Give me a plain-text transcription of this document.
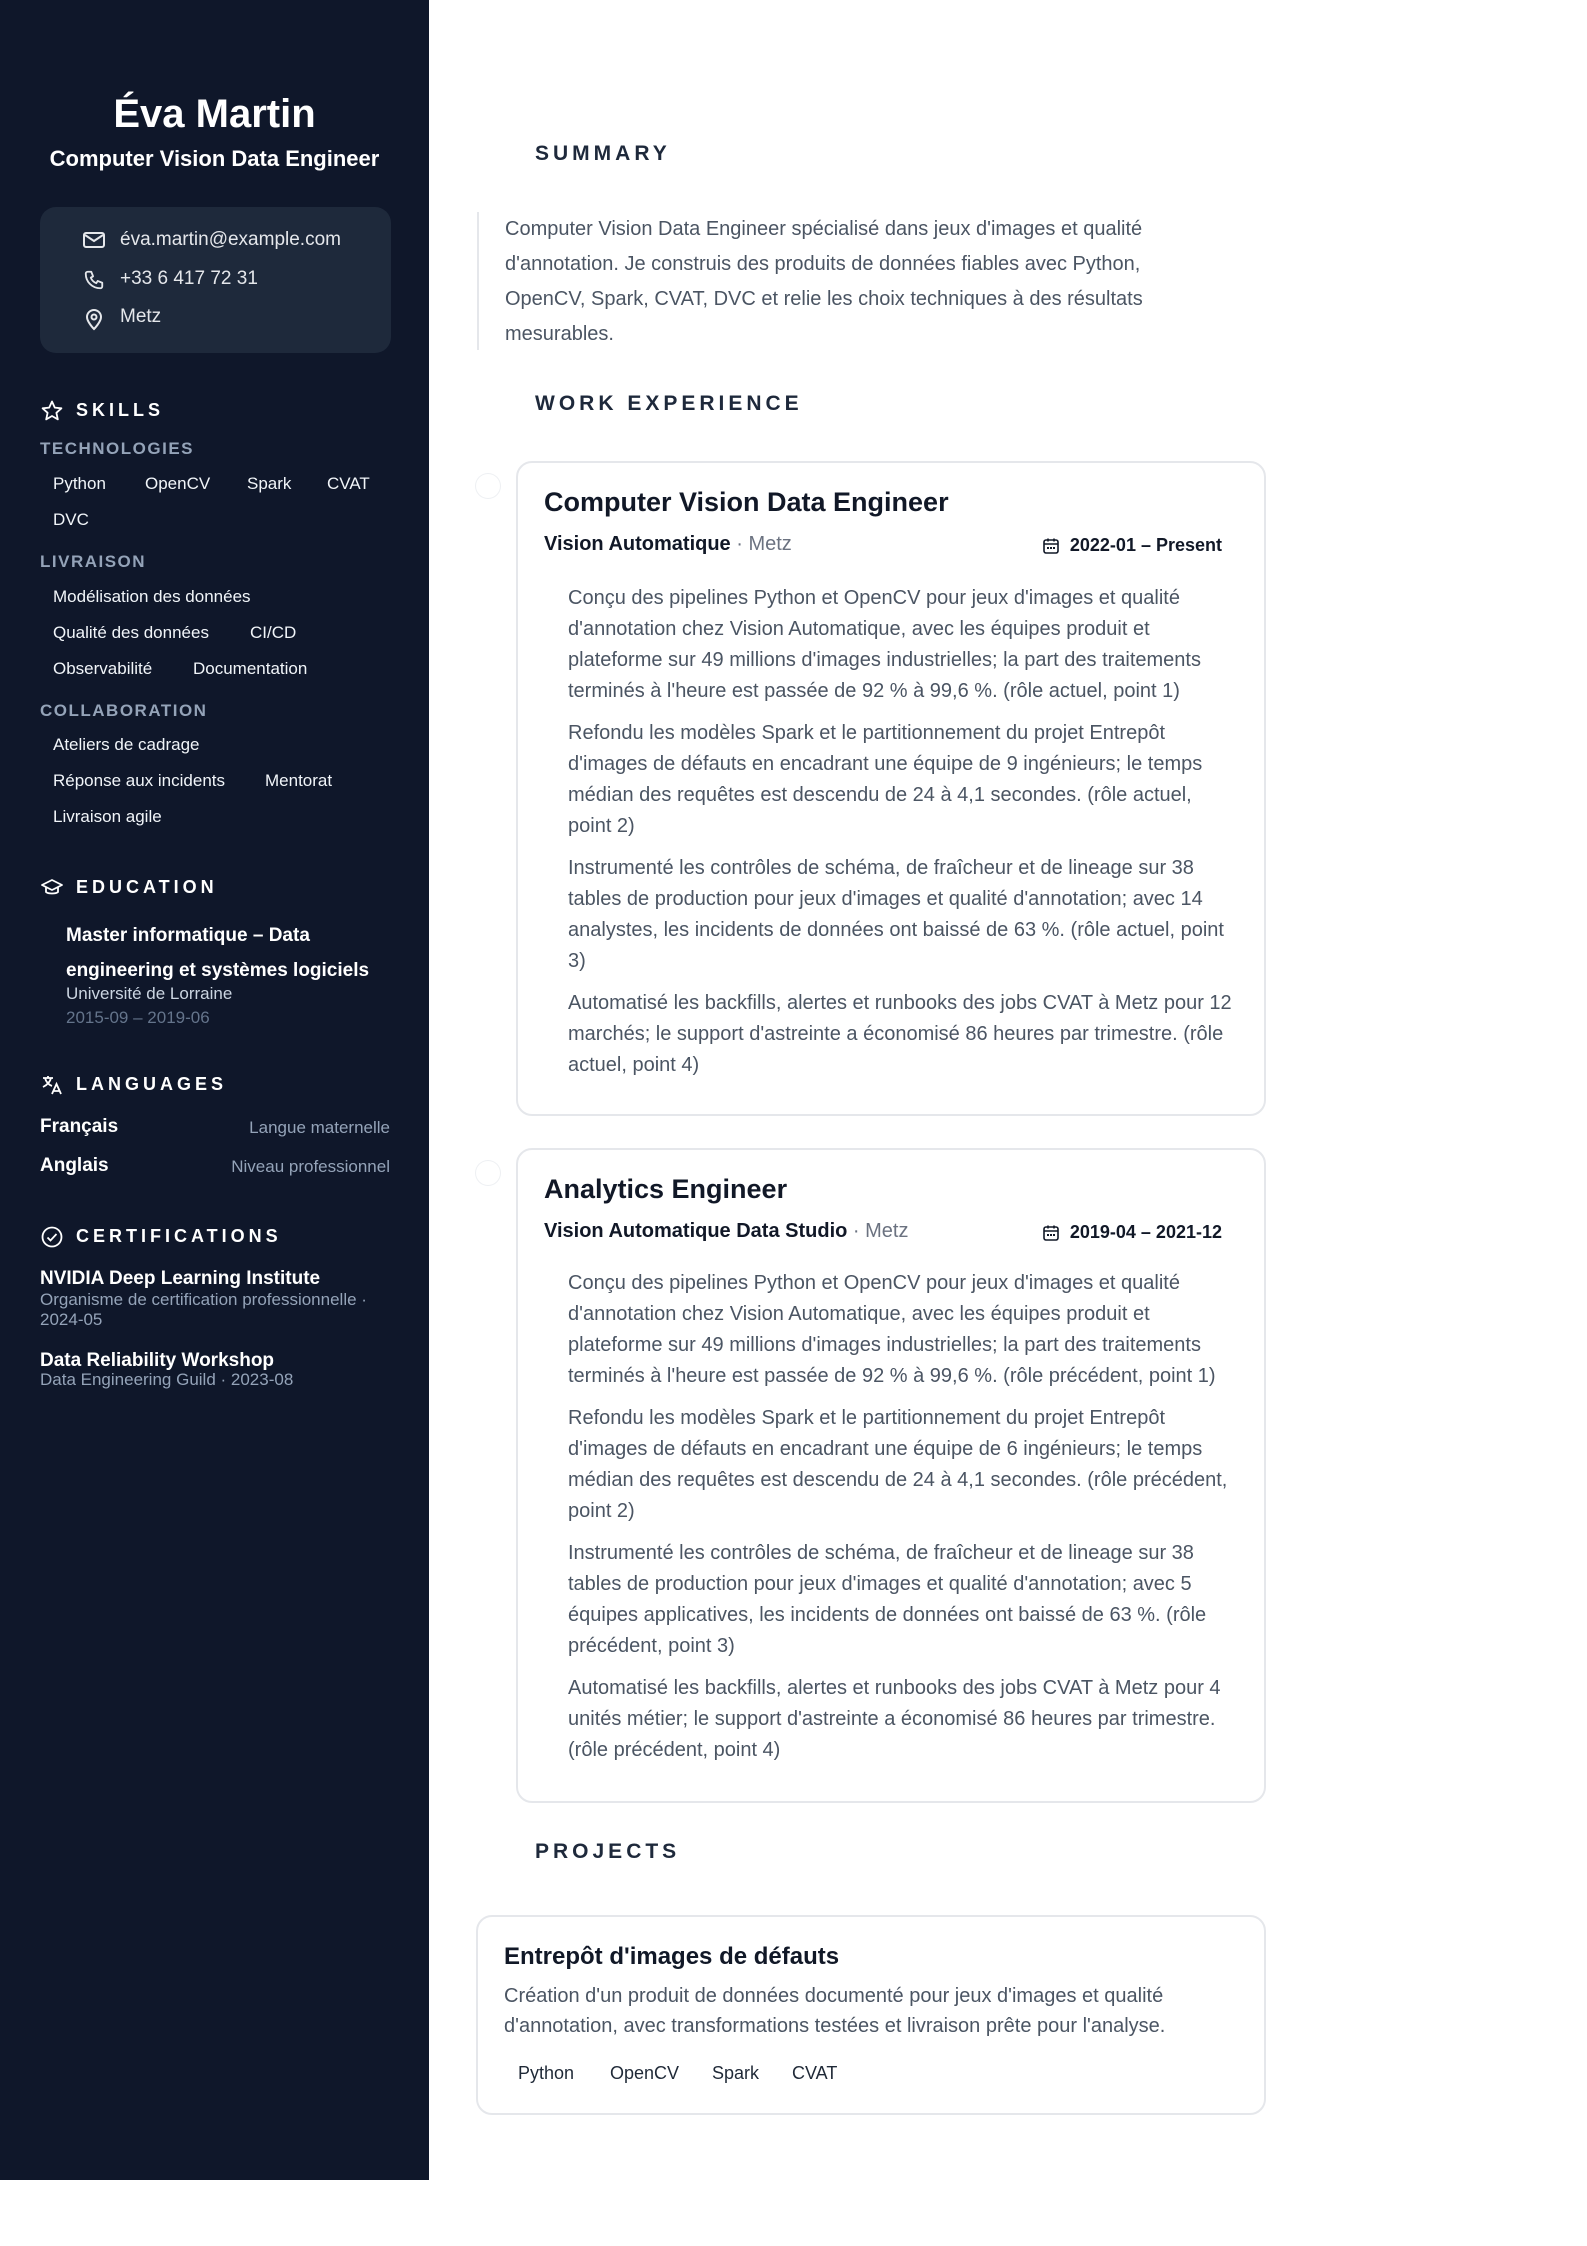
Éva Martin
Computer Vision Data Engineer
éva.martin@example.com
+33 6 417 72 31
Metz
SKILLS
TECHNOLOGIES
Python OpenCV Spark CVAT
DVC
LIVRAISON
Modélisation des données
Qualité des données CI/CD
Observabilité Documentation
COLLABORATION
Ateliers de cadrage
Réponse aux incidents Mentorat
Livraison agile
EDUCATION
Master informatique – Data engineering et systèmes logiciels
Université de Lorraine
2015-09 – 2019-06
LANGUAGES
Français	Langue maternelle
Anglais	Niveau professionnel
CERTIFICATIONS
NVIDIA Deep Learning Institute
Organisme de certification professionnelle · 2024-05
Data Reliability Workshop
Data Engineering Guild · 2023-08
SUMMARY
Computer Vision Data Engineer spécialisé dans jeux d'images et qualité d'annotation. Je construis des produits de données fiables avec Python, OpenCV, Spark, CVAT, DVC et relie les choix techniques à des résultats mesurables.
WORK EXPERIENCE
Computer Vision Data Engineer
Vision Automatique · Metz	2022-01 – Present
Conçu des pipelines Python et OpenCV pour jeux d'images et qualité d'annotation chez Vision Automatique, avec les équipes produit et plateforme sur 49 millions d'images industrielles; la part des traitements terminés à l'heure est passée de 92 % à 99,6 %. (rôle actuel, point 1)
Refondu les modèles Spark et le partitionnement du projet Entrepôt d'images de défauts en encadrant une équipe de 9 ingénieurs; le temps médian des requêtes est descendu de 24 à 4,1 secondes. (rôle actuel, point 2)
Instrumenté les contrôles de schéma, de fraîcheur et de lineage sur 38 tables de production pour jeux d'images et qualité d'annotation; avec 14 analystes, les incidents de données ont baissé de 63 %. (rôle actuel, point 3)
Automatisé les backfills, alertes et runbooks des jobs CVAT à Metz pour 12 marchés; le support d'astreinte a économisé 86 heures par trimestre. (rôle actuel, point 4)
Analytics Engineer
Vision Automatique Data Studio · Metz	2019-04 – 2021-12
Conçu des pipelines Python et OpenCV pour jeux d'images et qualité d'annotation chez Vision Automatique, avec les équipes produit et plateforme sur 49 millions d'images industrielles; la part des traitements terminés à l'heure est passée de 92 % à 99,6 %. (rôle précédent, point 1)
Refondu les modèles Spark et le partitionnement du projet Entrepôt d'images de défauts en encadrant une équipe de 6 ingénieurs; le temps médian des requêtes est descendu de 24 à 4,1 secondes. (rôle précédent, point 2)
Instrumenté les contrôles de schéma, de fraîcheur et de lineage sur 38 tables de production pour jeux d'images et qualité d'annotation; avec 5 équipes applicatives, les incidents de données ont baissé de 63 %. (rôle précédent, point 3)
Automatisé les backfills, alertes et runbooks des jobs CVAT à Metz pour 4 unités métier; le support d'astreinte a économisé 86 heures par trimestre. (rôle précédent, point 4)
PROJECTS
Entrepôt d'images de défauts
Création d'un produit de données documenté pour jeux d'images et qualité d'annotation, avec transformations testées et livraison prête pour l'analyse.
Python OpenCV Spark CVAT
